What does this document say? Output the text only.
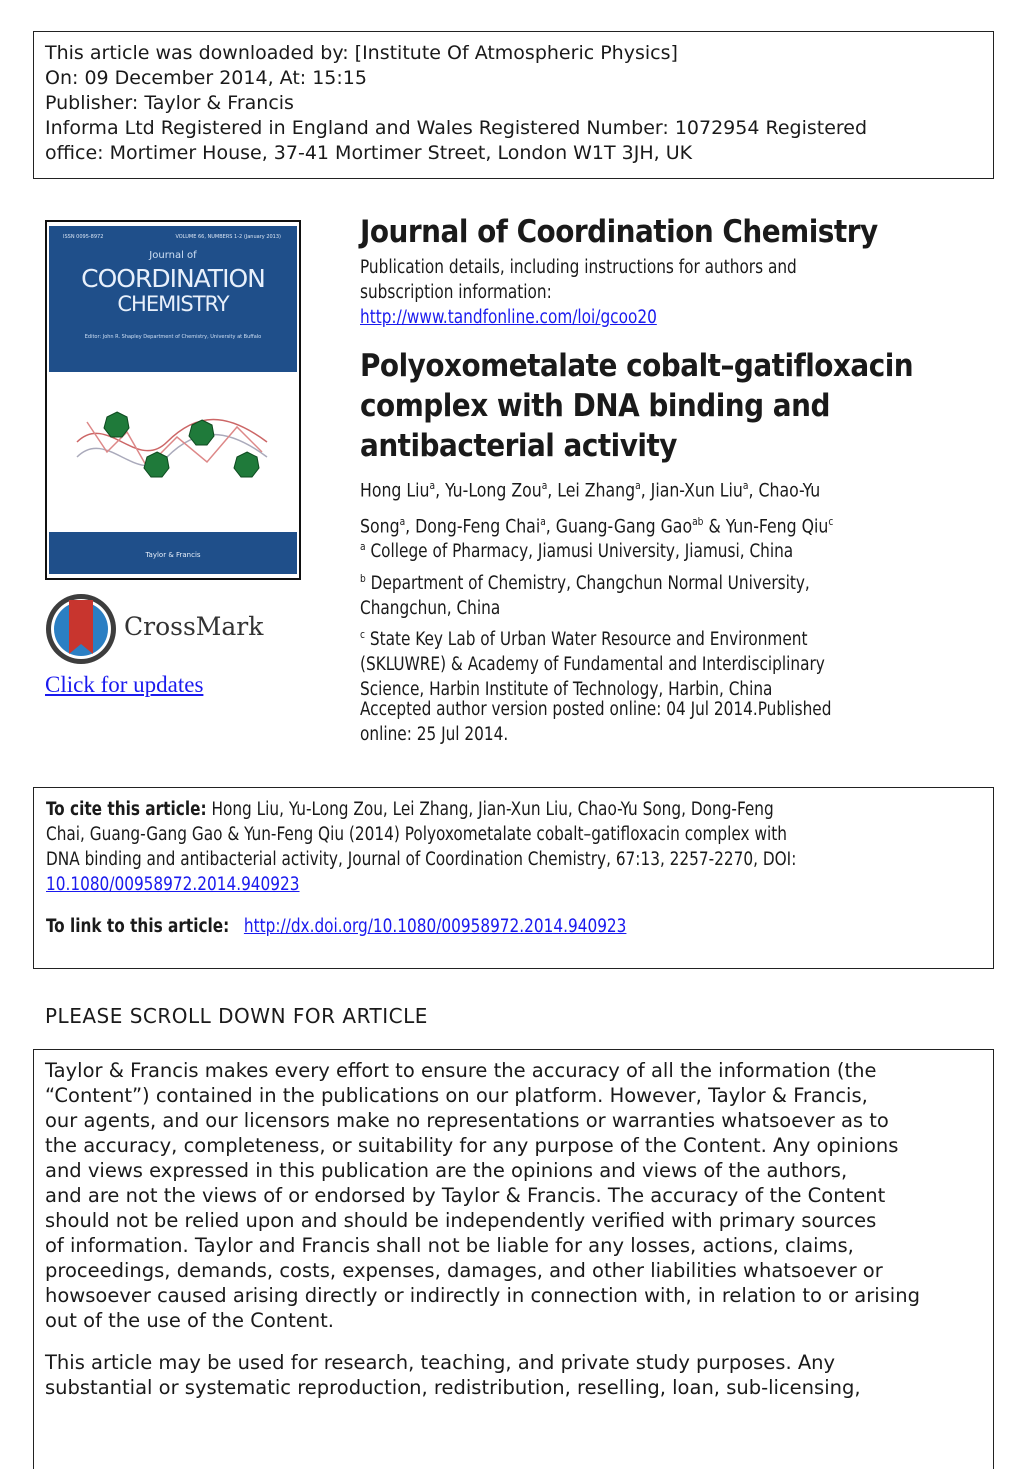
This article was downloaded by: [Institute Of Atmospheric Physics]
On: 09 December 2014, At: 15:15
Publisher: Taylor & Francis
Informa Ltd Registered in England and Wales Registered Number: 1072954 Registered
office: Mortimer House, 37-41 Mortimer Street, London W1T 3JH, UK
ISSN 0095-8972	VOLUME 66, NUMBERS 1-2 (January 2013)
Journal of
COORDINATION
CHEMISTRY
Editor: John R. Shapley Department of Chemistry, University at Buffalo
Taylor & Francis
CrossMark
Click for updates
Journal of Coordination Chemistry
Publication details, including instructions for authors and
subscription information:
http://www.tandfonline.com/loi/gcoo20
Polyoxometalate cobalt–gatifloxacin
complex with DNA binding and
antibacterial activity
Hong Liu$^a$, Yu-Long Zou$^a$, Lei Zhang$^a$, Jian-Xun Liu$^a$, Chao-Yu
Song$^a$, Dong-Feng Chai$^a$, Guang-Gang Gao$^{ab}$ & Yun-Feng Qiu$^c$
$^a$ College of Pharmacy, Jiamusi University, Jiamusi, China
$^b$ Department of Chemistry, Changchun Normal University,
Changchun, China
$^c$ State Key Lab of Urban Water Resource and Environment
(SKLUWRE) & Academy of Fundamental and Interdisciplinary
Science, Harbin Institute of Technology, Harbin, China
Accepted author version posted online: 04 Jul 2014.Published
online: 25 Jul 2014.
To cite this article: Hong Liu, Yu-Long Zou, Lei Zhang, Jian-Xun Liu, Chao-Yu Song, Dong-Feng
Chai, Guang-Gang Gao & Yun-Feng Qiu (2014) Polyoxometalate cobalt–gatifloxacin complex with
DNA binding and antibacterial activity, Journal of Coordination Chemistry, 67:13, 2257-2270, DOI:
10.1080/00958972.2014.940923
To link to this article: http://dx.doi.org/10.1080/00958972.2014.940923
PLEASE SCROLL DOWN FOR ARTICLE
Taylor & Francis makes every effort to ensure the accuracy of all the information (the
“Content”) contained in the publications on our platform. However, Taylor & Francis,
our agents, and our licensors make no representations or warranties whatsoever as to
the accuracy, completeness, or suitability for any purpose of the Content. Any opinions
and views expressed in this publication are the opinions and views of the authors,
and are not the views of or endorsed by Taylor & Francis. The accuracy of the Content
should not be relied upon and should be independently verified with primary sources
of information. Taylor and Francis shall not be liable for any losses, actions, claims,
proceedings, demands, costs, expenses, damages, and other liabilities whatsoever or
howsoever caused arising directly or indirectly in connection with, in relation to or arising
out of the use of the Content.
This article may be used for research, teaching, and private study purposes. Any
substantial or systematic reproduction, redistribution, reselling, loan, sub-licensing,
